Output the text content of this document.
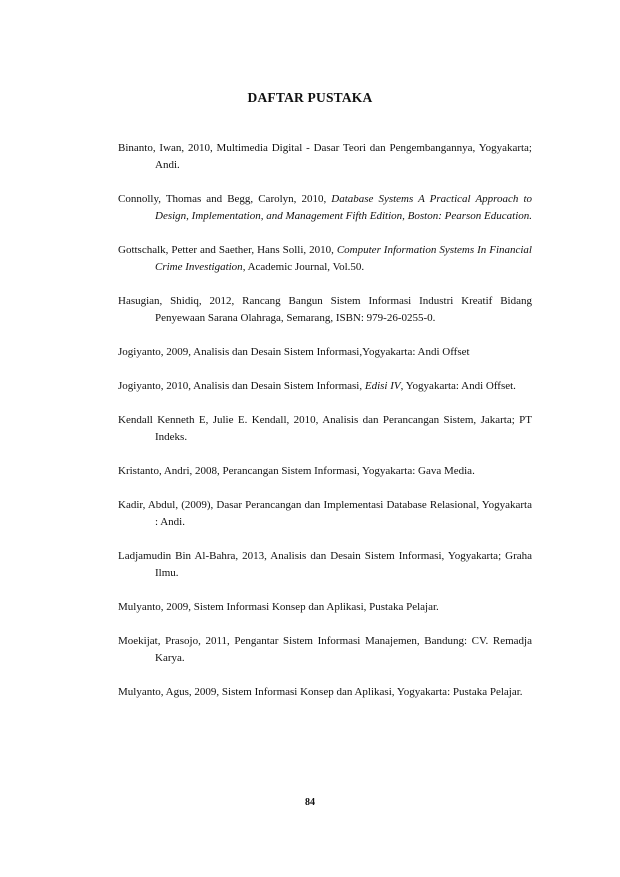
DAFTAR PUSTAKA
Binanto, Iwan, 2010, Multimedia Digital - Dasar Teori dan Pengembangannya, Yogyakarta; Andi.
Connolly, Thomas and Begg, Carolyn, 2010, Database Systems A Practical Approach to Design, Implementation, and Management Fifth Edition, Boston: Pearson Education.
Gottschalk, Petter and Saether, Hans Solli, 2010, Computer Information Systems In Financial Crime Investigation, Academic Journal, Vol.50.
Hasugian, Shidiq, 2012, Rancang Bangun Sistem Informasi Industri Kreatif Bidang Penyewaan Sarana Olahraga, Semarang, ISBN: 979-26-0255-0.
Jogiyanto, 2009, Analisis dan Desain Sistem Informasi,Yogyakarta: Andi Offset
Jogiyanto, 2010, Analisis dan Desain Sistem Informasi, Edisi IV, Yogyakarta: Andi Offset.
Kendall Kenneth E, Julie E. Kendall, 2010, Analisis dan Perancangan Sistem, Jakarta; PT Indeks.
Kristanto, Andri, 2008, Perancangan Sistem Informasi, Yogyakarta: Gava Media.
Kadir, Abdul, (2009), Dasar Perancangan dan Implementasi Database Relasional, Yogyakarta : Andi.
Ladjamudin Bin Al-Bahra, 2013, Analisis dan Desain Sistem Informasi, Yogyakarta; Graha Ilmu.
Mulyanto, 2009, Sistem Informasi Konsep dan Aplikasi, Pustaka Pelajar.
Moekijat, Prasojo, 2011, Pengantar Sistem Informasi Manajemen, Bandung: CV. Remadja Karya.
Mulyanto, Agus, 2009, Sistem Informasi Konsep dan Aplikasi, Yogyakarta: Pustaka Pelajar.
84
